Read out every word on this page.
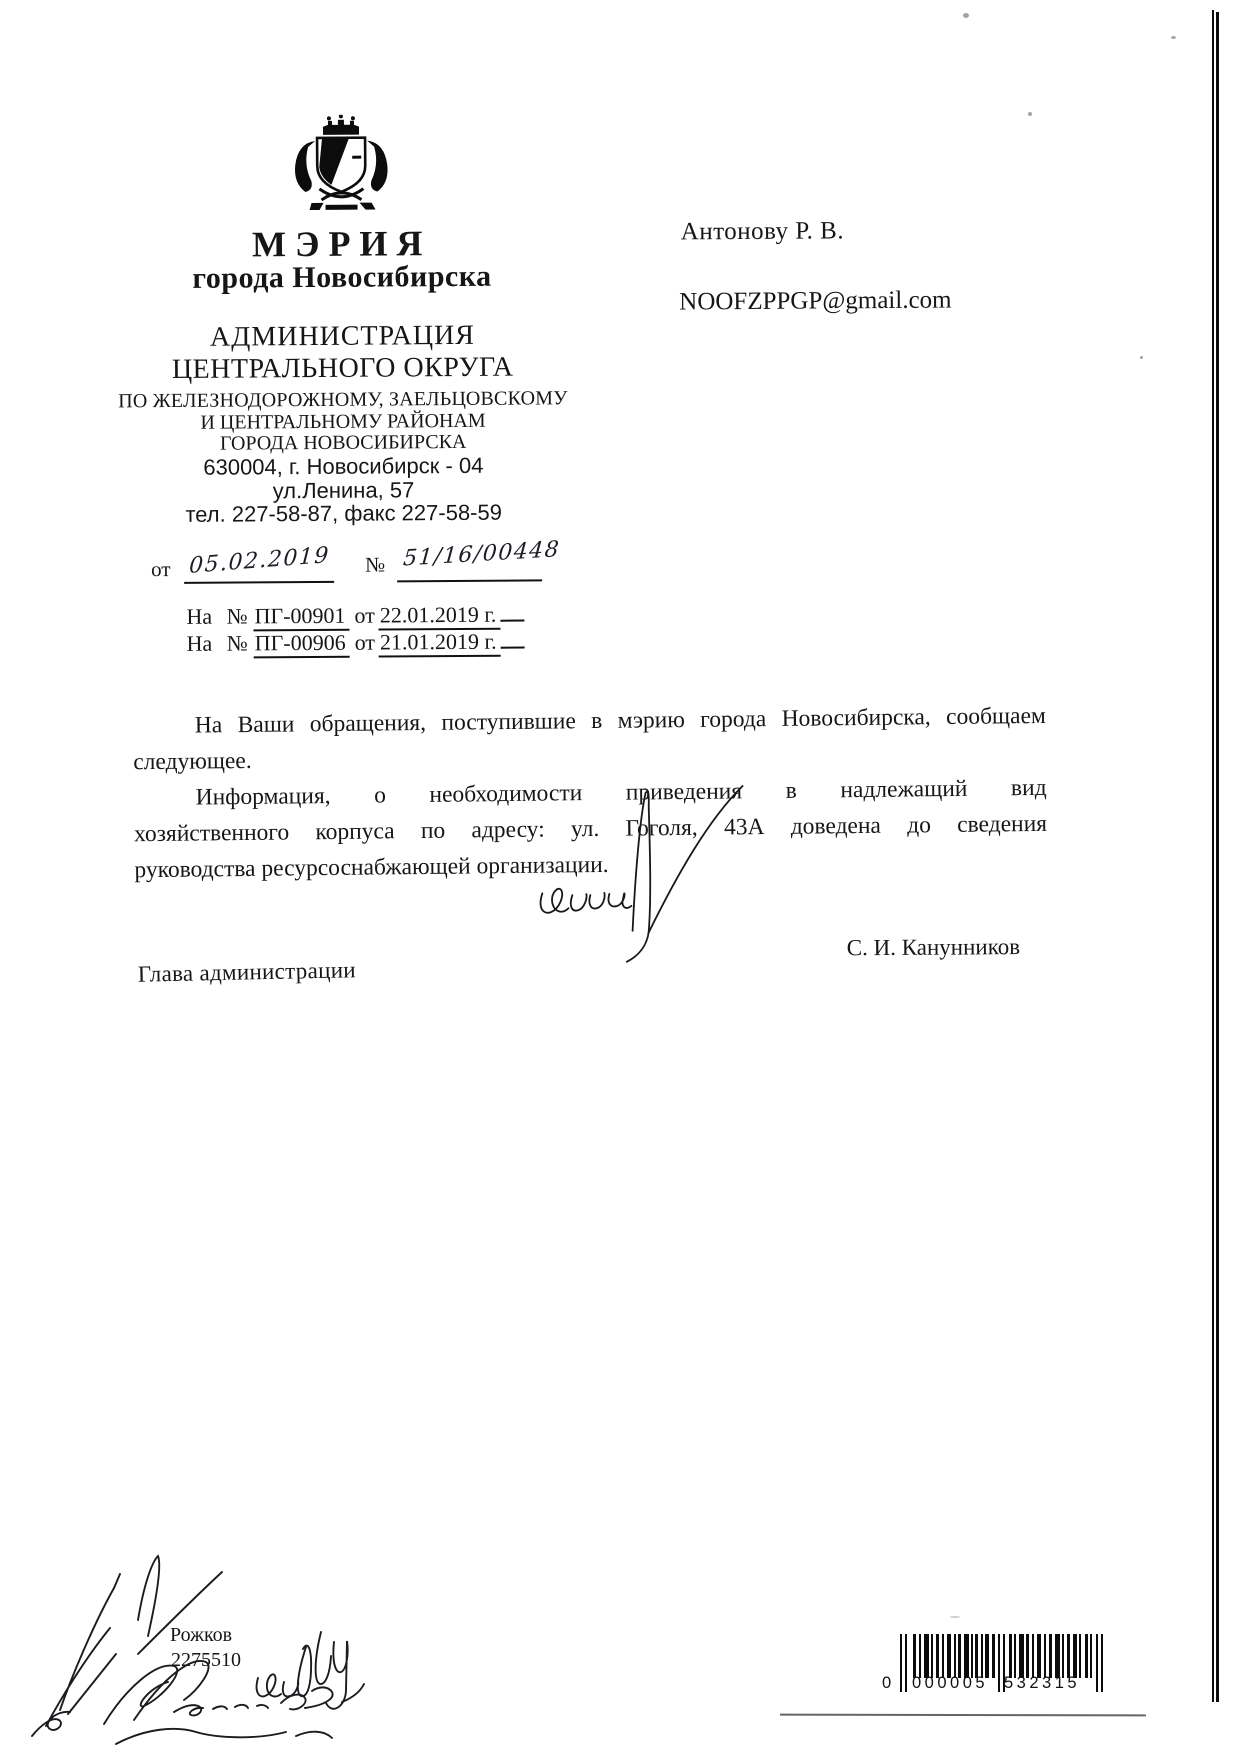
МЭРИЯ
города Новосибирска
АДМИНИСТРАЦИЯ
ЦЕНТРАЛЬНОГО ОКРУГА
ПО ЖЕЛЕЗНОДОРОЖНОМУ, ЗАЕЛЬЦОВСКОМУ
И ЦЕНТРАЛЬНОМУ РАЙОНАМ
ГОРОДА НОВОСИБИРСКА
630004, г. Новосибирск - 04
ул.Ленина, 57
тел. 227-58-87, факс 227-58-59
Антонову Р. В.
NOOFZPPGP@gmail.com
от 05.02.2019 № 51/16/00448
На № ПГ-00901 от 22.01.2019 г.
На № ПГ-00906 от 21.01.2019 г.
На Ваши обращения, поступившие в мэрию города Новосибирска, сообщаем
следующее.
Информация, о необходимости приведения в надлежащий вид
хозяйственного корпуса по адресу: ул. Гоголя, 43А доведена до сведения
руководства ресурсоснабжающей организации.
Глава администрации
С. И. Канунников
Рожков
2275510
0 000005 532315
